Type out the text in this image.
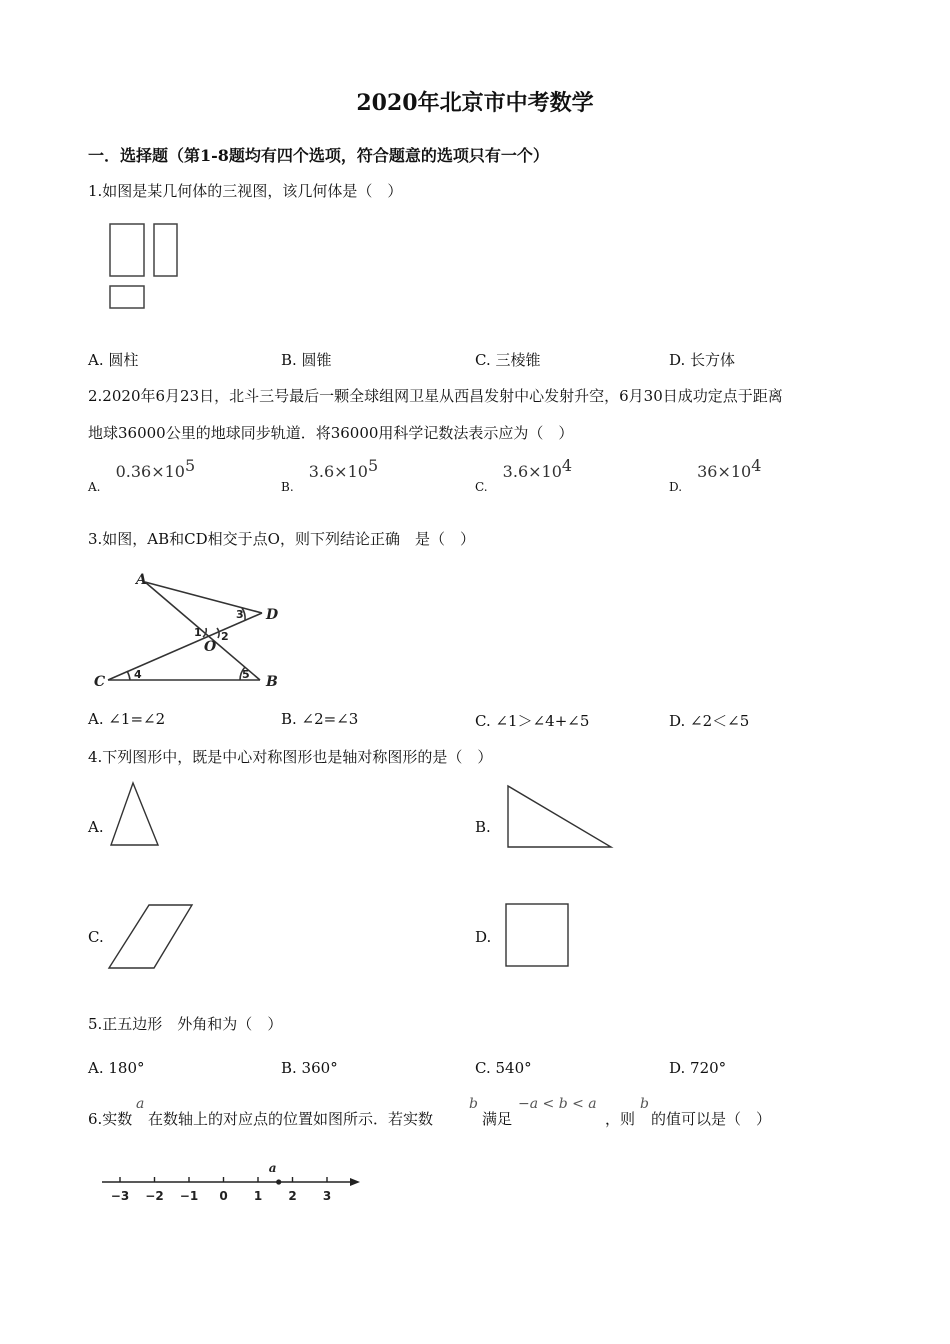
2020年北京市中考数学
一．选择题（第1-8题均有四个选项，符合题意的选项只有一个）
1.如图是某几何体的三视图，该几何体是（　）
A. 圆柱	B. 圆锥	C. 三棱锥	D. 长方体
2.2020年6月23日，北斗三号最后一颗全球组网卫星从西昌发射中心发射升空，6月30日成功定点于距离
地球36000公里的地球同步轨道．将36000用科学记数法表示应为（　）
$_{A.}$ $0.36\times 10^5$
$_{B.}$ $3.6\times 10^5$
$_{C.}$ $3.6\times 10^4$
$_{D.}$ $36\times 10^4$
3.如图，AB和CD相交于点O，则下列结论正确　是（　）
A
D
C	B
O
1 2
3
4	5
A. ∠1=∠2	B. ∠2=∠3	C. ∠1＞∠4+∠5	D. ∠2＜∠5
4.下列图形中，既是中心对称图形也是轴对称图形的是（　）
A.	B.
C.	D.
5.正五边形　外角和为（　）
A. 180°	B. 360°	C. 540°	D. 720°
6.实数
a
在数轴上的对应点的位置如图所示．若实数
b
满足
−a < b < a
，则
b
的值可以是（　）
−3 −2 −1 0 1 2 3
a
